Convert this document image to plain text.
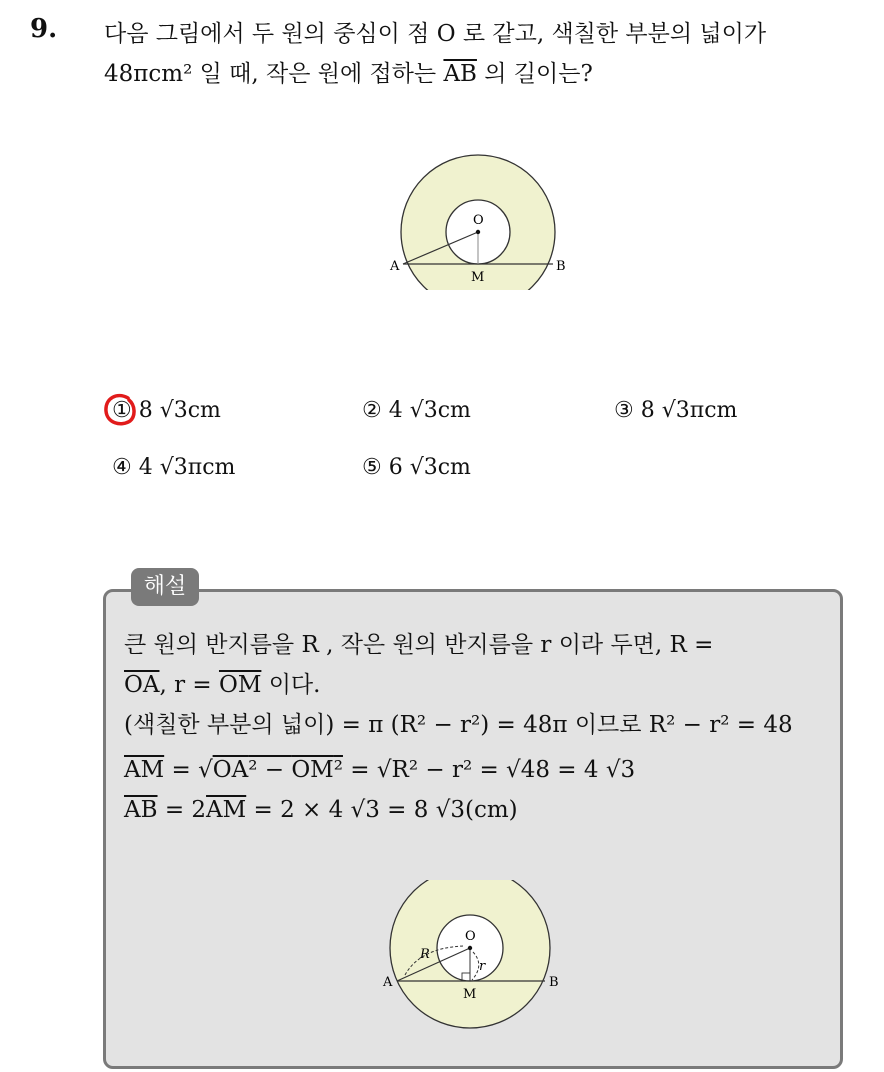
9. 다음 그림에서 두 원의 중심이 점 O 로 같고, 색칠한 부분의 넓이가
48πcm² 일 때, 작은 원에 접하는 $\overline{AB}$ 의 길이는?
O
A
M
B
① 8 √3cm	② 4 √3cm	③ 8 √3πcm
④ 4 √3πcm	⑤ 6 √3cm
해설
큰 원의 반지름을 R , 작은 원의 반지름을 r 이라 두면, R =
$\overline{OA}$, $r = \overline{OM}$ 이다.
(색칠한 부분의 넓이) = π (R² − r²) = 48π 이므로 R² − r² = 48
$\overline{AM} = √OA^2 - OM^2 = √R^2 - r^2 = √48 = 4$ √3
$\overline{AB} = 2\overline{AM} = 2 \times 4$ √3 = 8 √3(cm)
O
R
r
A
M
B
